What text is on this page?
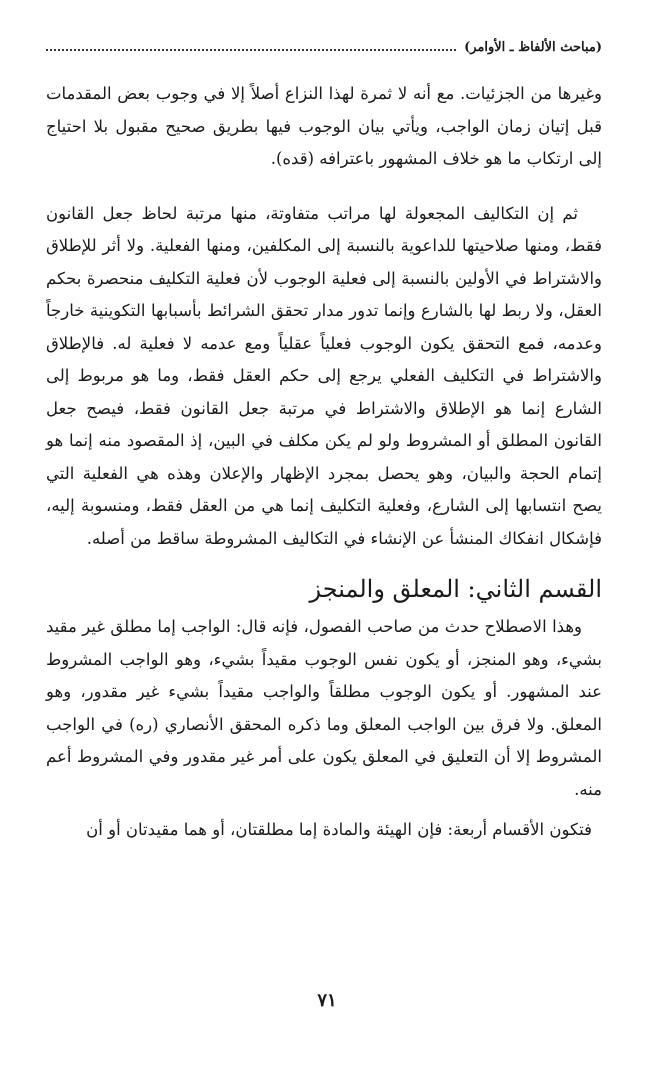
(مباحث الألفاظ ـ الأوامر)

وغيرها من الجزئيات. مع أنه لا ثمرة لهذا النزاع أصلاً إلا في وجوب بعض المقدمات قبل إتيان زمان الواجب، ويأتي بيان الوجوب فيها بطريق صحيح مقبول بلا احتياج إلى ارتكاب ما هو خلاف المشهور باعترافه (قده).

ثم إن التكاليف المجعولة لها مراتب متفاوتة، منها مرتبة لحاظ جعل القانون فقط، ومنها صلاحيتها للداعوية بالنسبة إلى المكلفين، ومنها الفعلية. ولا أثر للإطلاق والاشتراط في الأولين بالنسبة إلى فعلية الوجوب لأن فعلية التكليف منحصرة بحكم العقل، ولا ربط لها بالشارع وإنما تدور مدار تحقق الشرائط بأسبابها التكوينية خارجاً وعدمه، فمع التحقق يكون الوجوب فعلياً عقلياً ومع عدمه لا فعلية له. فالإطلاق والاشتراط في التكليف الفعلي يرجع إلى حكم العقل فقط، وما هو مربوط إلى الشارع إنما هو الإطلاق والاشتراط في مرتبة جعل القانون فقط، فيصح جعل القانون المطلق أو المشروط ولو لم يكن مكلف في البين، إذ المقصود منه إنما هو إتمام الحجة والبيان، وهو يحصل بمجرد الإظهار والإعلان وهذه هي الفعلية التي يصح انتسابها إلى الشارع، وفعلية التكليف إنما هي من العقل فقط، ومنسوبة إليه، فإشكال انفكاك المنشأ عن الإنشاء في التكاليف المشروطة ساقط من أصله.

القسم الثاني: المعلق والمنجز

وهذا الاصطلاح حدث من صاحب الفصول، فإنه قال: الواجب إما مطلق غير مقيد بشيء، وهو المنجز، أو يكون نفس الوجوب مقيداً بشيء، وهو الواجب المشروط عند المشهور. أو يكون الوجوب مطلقاً والواجب مقيداً بشيء غير مقدور، وهو المعلق. ولا فرق بين الواجب المعلق وما ذكره المحقق الأنصاري (ره) في الواجب المشروط إلا أن التعليق في المعلق يكون على أمر غير مقدور وفي المشروط أعم منه.

فتكون الأقسام أربعة: فإن الهيئة والمادة إما مطلقتان، أو هما مقيدتان أو أن

٧١
